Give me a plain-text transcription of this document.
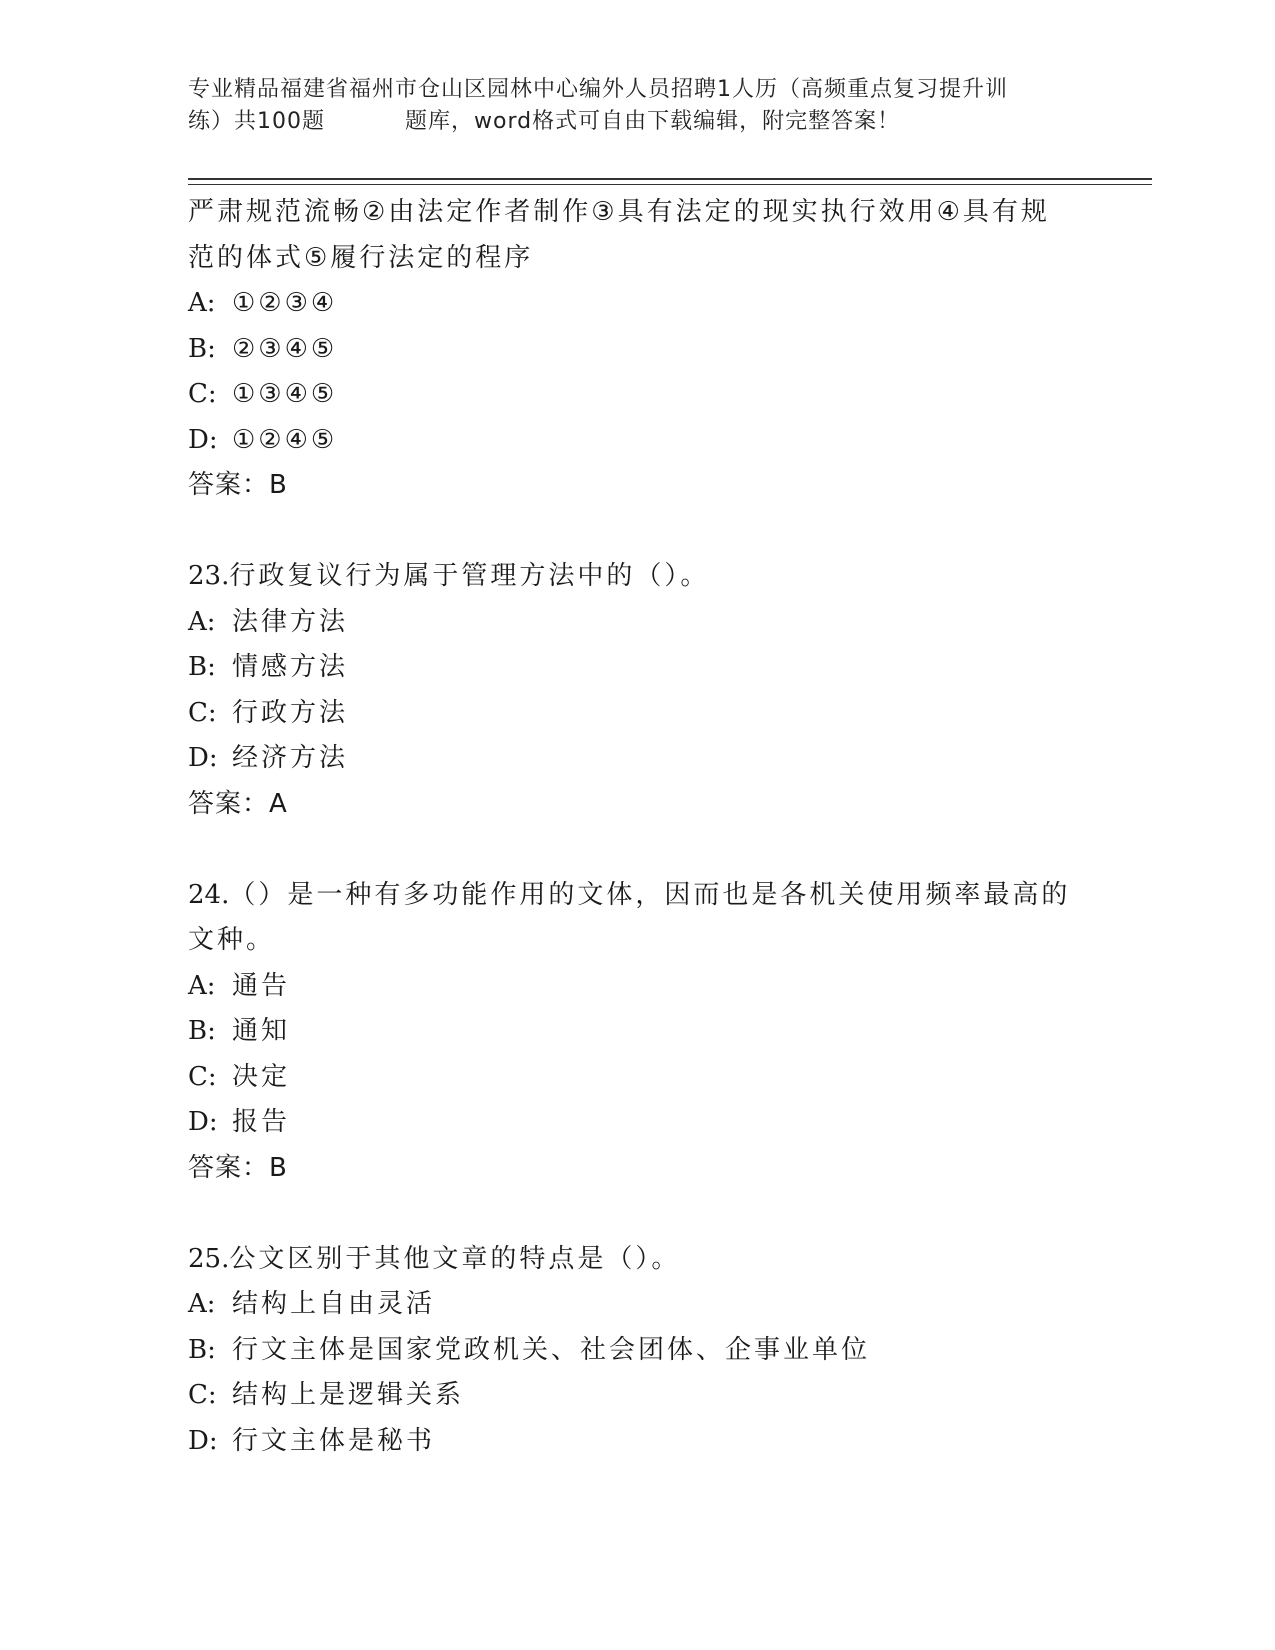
专业精品福建省福州市仓山区园林中心编外人员招聘1人历（高频重点复习提升训
练）共100题	题库，word格式可自由下载编辑，附完整答案！
严肃规范流畅②由法定作者制作③具有法定的现实执行效用④具有规
范的体式⑤履行法定的程序
A: ①②③④
B: ②③④⑤
C: ①③④⑤
D: ①②④⑤
答案：B
23.行政复议行为属于管理方法中的（）。
A: 法律方法
B: 情感方法
C: 行政方法
D: 经济方法
答案：A
24.（）是一种有多功能作用的文体，因而也是各机关使用频率最高的
文种。
A: 通告
B: 通知
C: 决定
D: 报告
答案：B
25.公文区别于其他文章的特点是（）。
A: 结构上自由灵活
B: 行文主体是国家党政机关、社会团体、企事业单位
C: 结构上是逻辑关系
D: 行文主体是秘书
